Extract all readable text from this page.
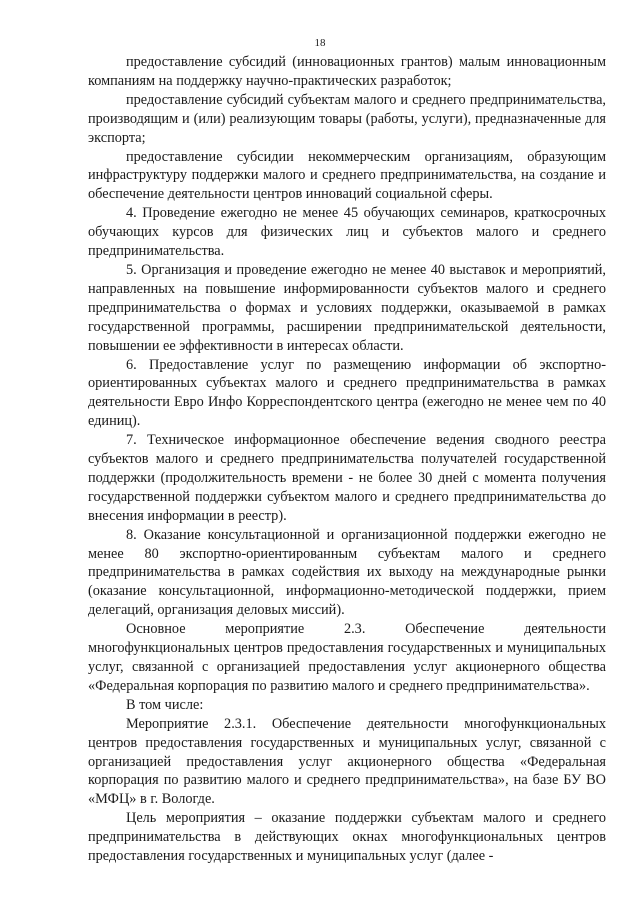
18

предоставление субсидий (инновационных грантов) малым инновационным компаниям на поддержку научно-практических разработок;

предоставление субсидий субъектам малого и среднего предпринимательства, производящим и (или) реализующим товары (работы, услуги), предназначенные для экспорта;

предоставление субсидии некоммерческим организациям, образующим инфраструктуру поддержки малого и среднего предпринимательства, на создание и обеспечение деятельности центров инноваций социальной сферы.

4. Проведение ежегодно не менее 45 обучающих семинаров, краткосрочных обучающих курсов для физических лиц и субъектов малого и среднего предпринимательства.

5. Организация и проведение ежегодно не менее 40 выставок и мероприятий, направленных на повышение информированности субъектов малого и среднего предпринимательства о формах и условиях поддержки, оказываемой в рамках государственной программы, расширении предпринимательской деятельности, повышении ее эффективности в интересах области.

6. Предоставление услуг по размещению информации об экспортно-ориентированных субъектах малого и среднего предпринимательства в рамках деятельности Евро Инфо Корреспондентского центра (ежегодно не менее чем по 40 единиц).

7. Техническое информационное обеспечение ведения сводного реестра субъектов малого и среднего предпринимательства получателей государственной поддержки (продолжительность времени - не более 30 дней с момента получения государственной поддержки субъектом малого и среднего предпринимательства до внесения информации в реестр).

8. Оказание консультационной и организационной поддержки ежегодно не менее 80 экспортно-ориентированным субъектам малого и среднего предпринимательства в рамках содействия их выходу на международные рынки (оказание консультационной, информационно-методической поддержки, прием делегаций, организация деловых миссий).

Основное мероприятие 2.3. Обеспечение деятельности многофункциональных центров предоставления государственных и муниципальных услуг, связанной с организацией предоставления услуг акционерного общества «Федеральная корпорация по развитию малого и среднего предпринимательства».

В том числе:

Мероприятие 2.3.1. Обеспечение деятельности многофункциональных центров предоставления государственных и муниципальных услуг, связанной с организацией предоставления услуг акционерного общества «Федеральная корпорация по развитию малого и среднего предпринимательства», на базе БУ ВО «МФЦ» в г. Вологде.

Цель мероприятия – оказание поддержки субъектам малого и среднего предпринимательства в действующих окнах многофункциональных центров предоставления государственных и муниципальных услуг (далее -
